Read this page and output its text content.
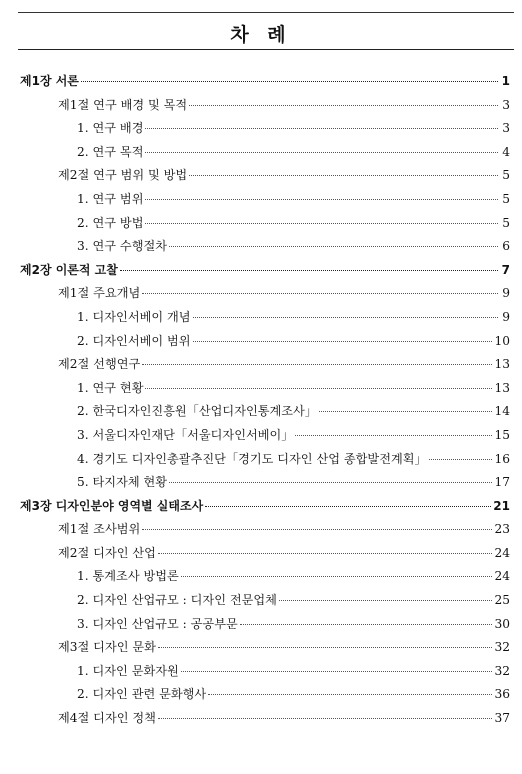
차 례
제1장 서론	1
제1절 연구 배경 및 목적	3
1. 연구 배경	3
2. 연구 목적	4
제2절 연구 범위 및 방법	5
1. 연구 범위	5
2. 연구 방법	5
3. 연구 수행절차	6
제2장 이론적 고찰	7
제1절 주요개념	9
1. 디자인서베이 개념	9
2. 디자인서베이 범위	10
제2절 선행연구	13
1. 연구 현황	13
2. 한국디자인진흥원「산업디자인통계조사」	14
3. 서울디자인재단「서울디자인서베이」	15
4. 경기도 디자인총괄추진단「경기도 디자인 산업 종합발전계획」	16
5. 타지자체 현황	17
제3장 디자인분야 영역별 실태조사	21
제1절 조사범위	23
제2절 디자인 산업	24
1. 통계조사 방법론	24
2. 디자인 산업규모 : 디자인 전문업체	25
3. 디자인 산업규모 : 공공부문	30
제3절 디자인 문화	32
1. 디자인 문화자원	32
2. 디자인 관련 문화행사	36
제4절 디자인 정책	37
